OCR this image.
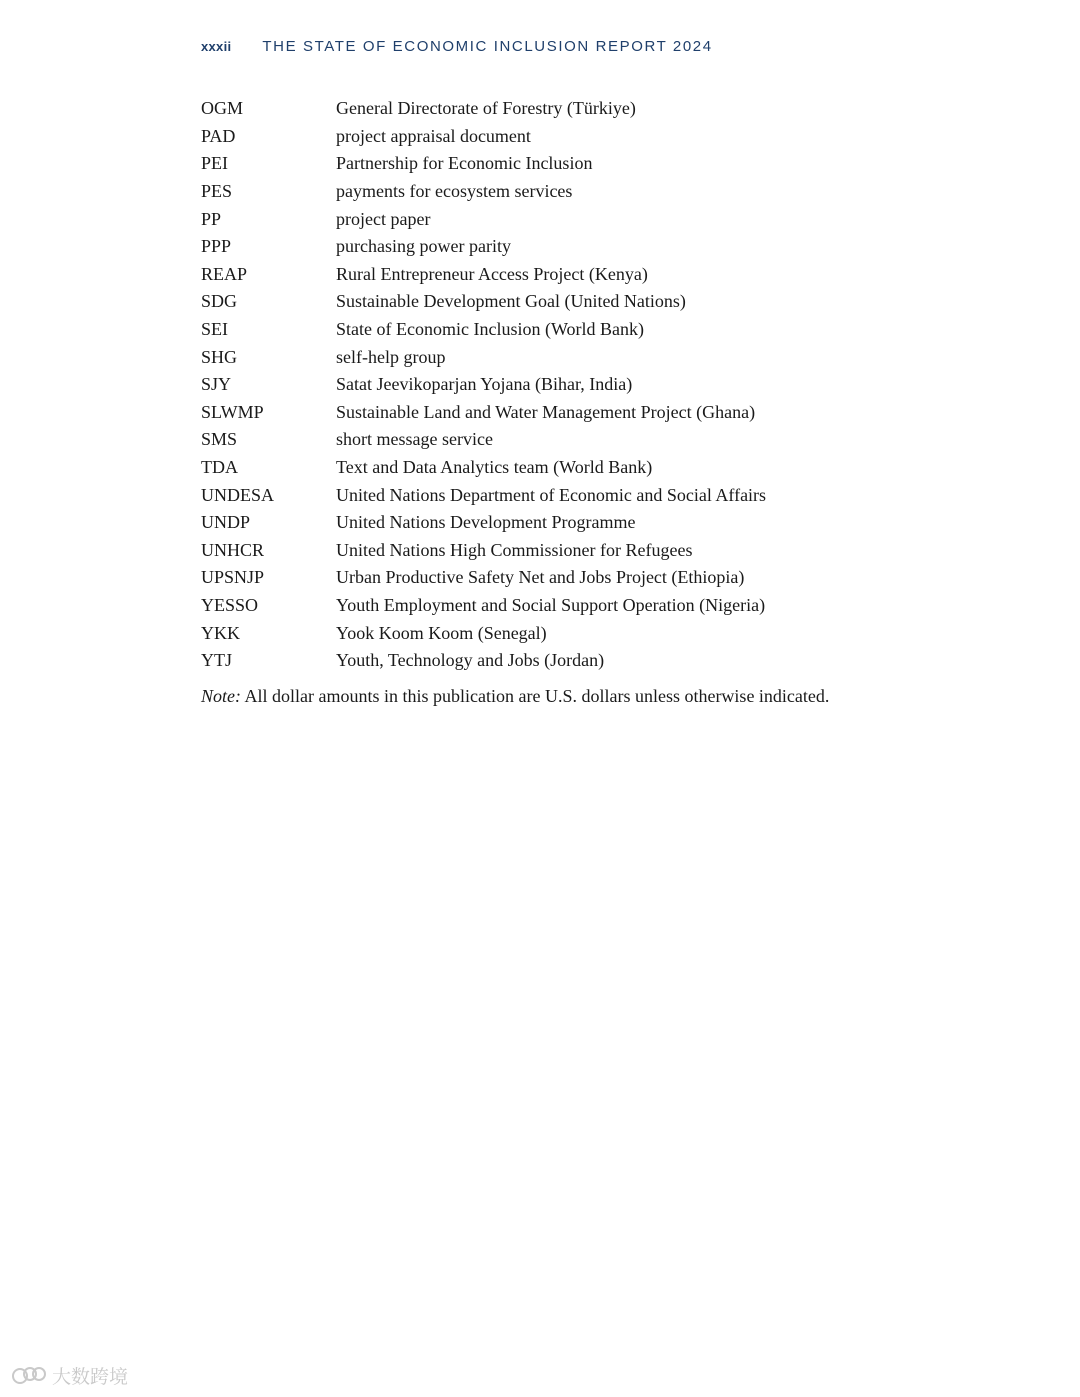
xxxii THE STATE OF ECONOMIC INCLUSION REPORT 2024
OGM	General Directorate of Forestry (Türkiye)
PAD	project appraisal document
PEI	Partnership for Economic Inclusion
PES	payments for ecosystem services
PP	project paper
PPP	purchasing power parity
REAP	Rural Entrepreneur Access Project (Kenya)
SDG	Sustainable Development Goal (United Nations)
SEI	State of Economic Inclusion (World Bank)
SHG	self-help group
SJY	Satat Jeevikoparjan Yojana (Bihar, India)
SLWMP	Sustainable Land and Water Management Project (Ghana)
SMS	short message service
TDA	Text and Data Analytics team (World Bank)
UNDESA	United Nations Department of Economic and Social Affairs
UNDP	United Nations Development Programme
UNHCR	United Nations High Commissioner for Refugees
UPSNJP	Urban Productive Safety Net and Jobs Project (Ethiopia)
YESSO	Youth Employment and Social Support Operation (Nigeria)
YKK	Yook Koom Koom (Senegal)
YTJ	Youth, Technology and Jobs (Jordan)
Note: All dollar amounts in this publication are U.S. dollars unless otherwise indicated.
大数跨境
